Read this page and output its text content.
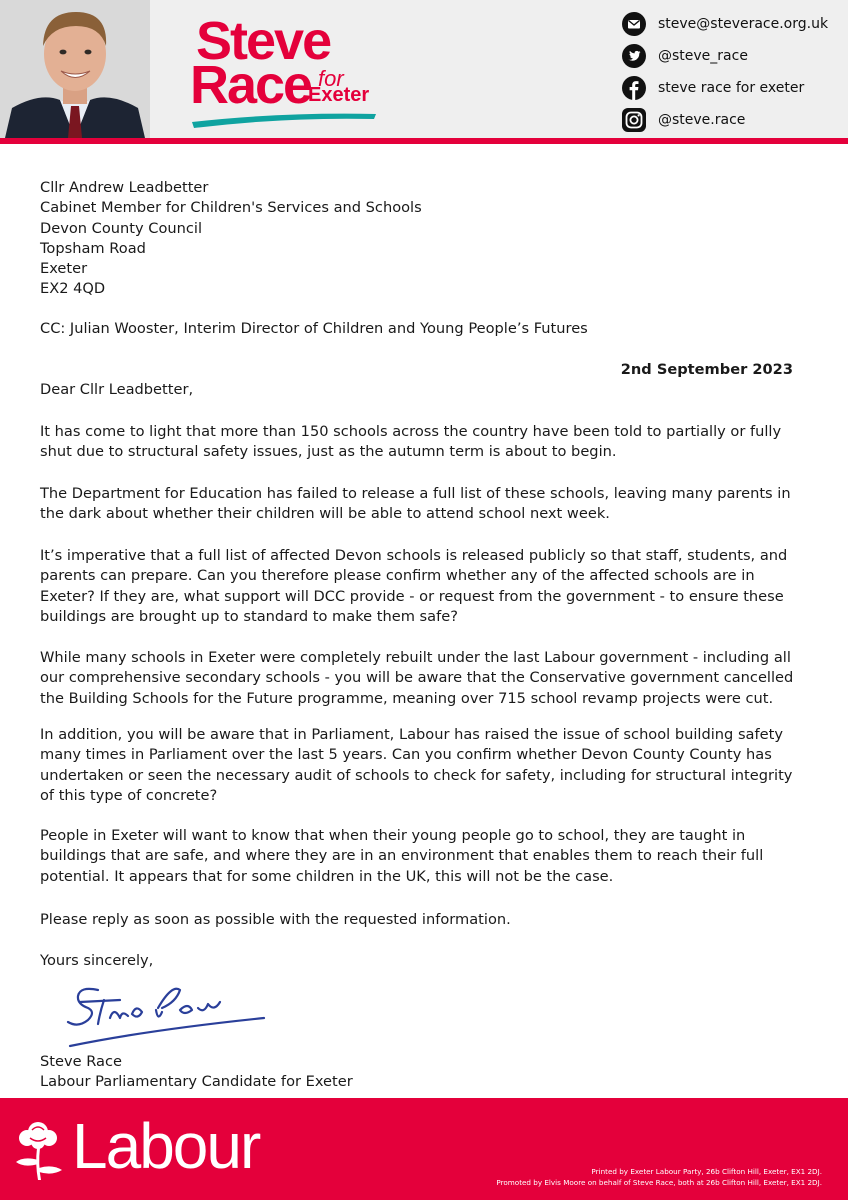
Steve
Race for
Exeter
steve@steverace.org.uk
@steve_race
steve race for exeter
@steve.race
Cllr Andrew Leadbetter
Cabinet Member for Children's Services and Schools
Devon County Council
Topsham Road
Exeter
EX2 4QD
CC: Julian Wooster, Interim Director of Children and Young People’s Futures
2nd September 2023
Dear Cllr Leadbetter,
It has come to light that more than 150 schools across the country have been told to partially or fully shut due to structural safety issues, just as the autumn term is about to begin.
The Department for Education has failed to release a full list of these schools, leaving many parents in the dark about whether their children will be able to attend school next week.
It’s imperative that a full list of affected Devon schools is released publicly so that staff, students, and parents can prepare. Can you therefore please confirm whether any of the affected schools are in Exeter? If they are, what support will DCC provide - or request from the government - to ensure these buildings are brought up to standard to make them safe?
While many schools in Exeter were completely rebuilt under the last Labour government - including all our comprehensive secondary schools - you will be aware that the Conservative government cancelled the Building Schools for the Future programme, meaning over 715 school revamp projects were cut.
In addition, you will be aware that in Parliament, Labour has raised the issue of school building safety many times in Parliament over the last 5 years. Can you confirm whether Devon County County has undertaken or seen the necessary audit of schools to check for safety, including for structural integrity of this type of concrete?
People in Exeter will want to know that when their young people go to school, they are taught in buildings that are safe, and where they are in an environment that enables them to reach their full potential. It appears that for some children in the UK, this will not be the case.
Please reply as soon as possible with the requested information.
Yours sincerely,
Steve Race
Labour Parliamentary Candidate for Exeter
Labour	Printed by Exeter Labour Party, 26b Clifton Hill, Exeter, EX1 2DJ.
Promoted by Elvis Moore on behalf of Steve Race, both at 26b Clifton Hill, Exeter, EX1 2DJ.
